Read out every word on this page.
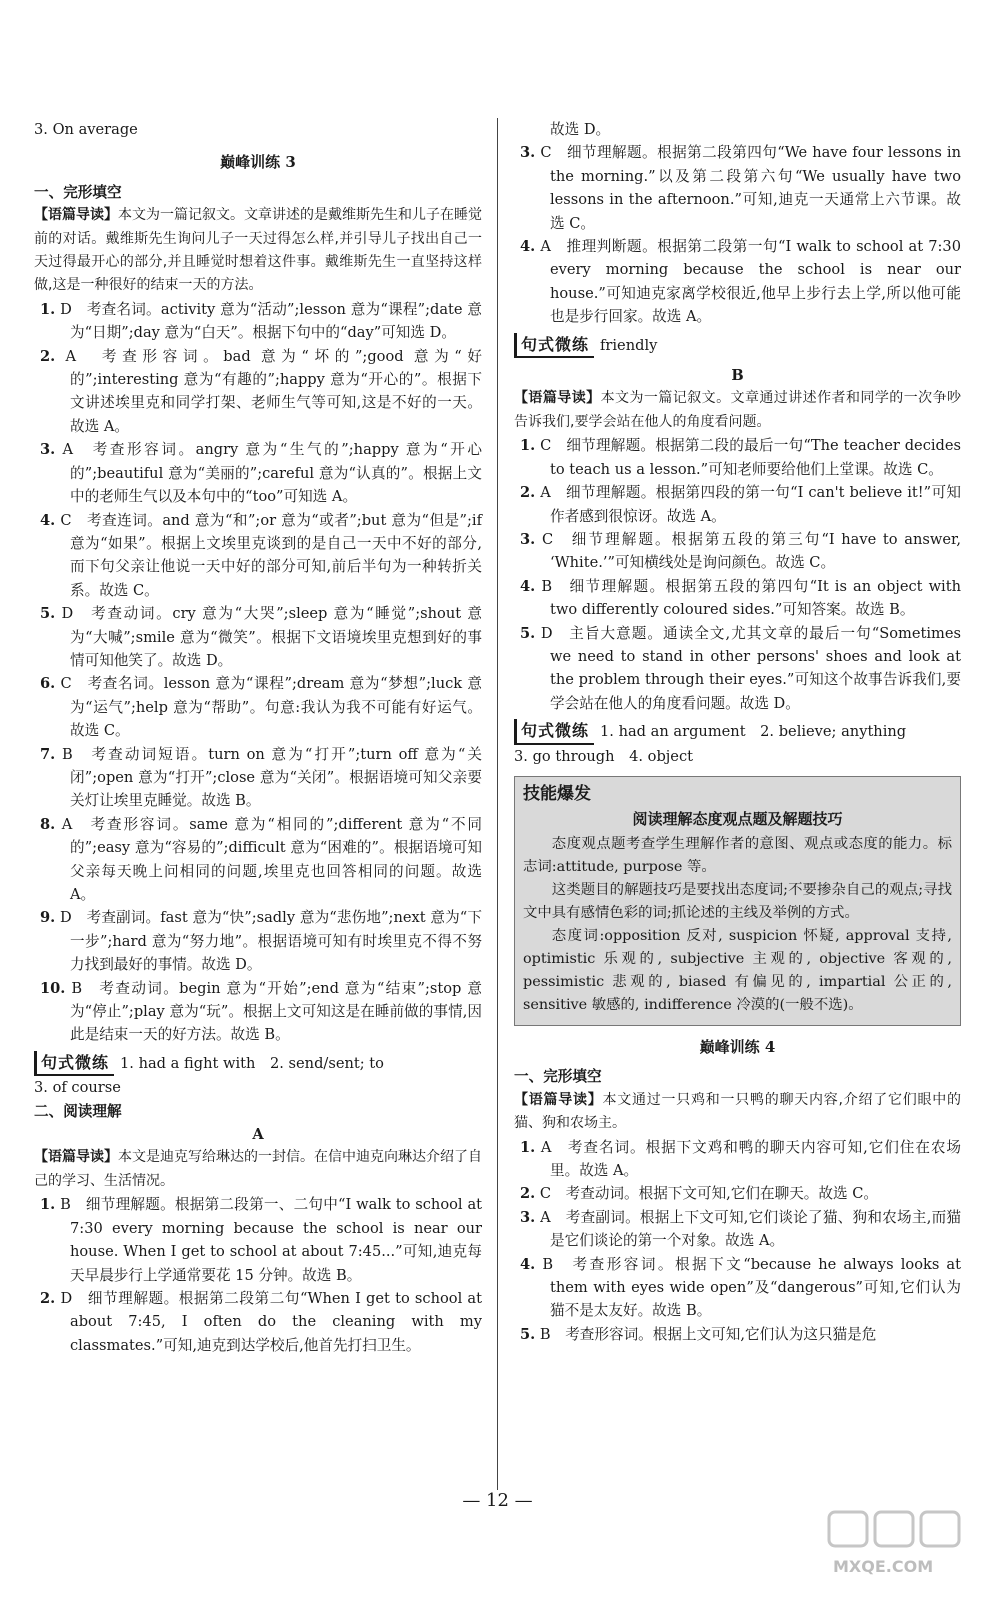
3. On average

巅峰训练 3

一、完形填空

【语篇导读】本文为一篇记叙文。文章讲述的是戴维斯先生和儿子在睡觉前的对话。戴维斯先生询问儿子一天过得怎么样,并引导儿子找出自己一天过得最开心的部分,并且睡觉时想着这件事。戴维斯先生一直坚持这样做,这是一种很好的结束一天的方法。

1. D　考查名词。activity 意为“活动”;lesson 意为“课程”;date 意为“日期”;day 意为“白天”。根据下句中的“day”可知选 D。

2. A　考查形容词。bad 意为“坏的”;good 意为“好的”;interesting 意为“有趣的”;happy 意为“开心的”。根据下文讲述埃里克和同学打架、老师生气等可知,这是不好的一天。故选 A。

3. A　考查形容词。angry 意为“生气的”;happy 意为“开心的”;beautiful 意为“美丽的”;careful 意为“认真的”。根据上文中的老师生气以及本句中的“too”可知选 A。

4. C　考查连词。and 意为“和”;or 意为“或者”;but 意为“但是”;if 意为“如果”。根据上文埃里克谈到的是自己一天中不好的部分,而下句父亲让他说一天中好的部分可知,前后半句为一种转折关系。故选 C。

5. D　考查动词。cry 意为“大哭”;sleep 意为“睡觉”;shout 意为“大喊”;smile 意为“微笑”。根据下文语境埃里克想到好的事情可知他笑了。故选 D。

6. C　考查名词。lesson 意为“课程”;dream 意为“梦想”;luck 意为“运气”;help 意为“帮助”。句意:我认为我不可能有好运气。故选 C。

7. B　考查动词短语。turn on 意为“打开”;turn off 意为“关闭”;open 意为“打开”;close 意为“关闭”。根据语境可知父亲要关灯让埃里克睡觉。故选 B。

8. A　考查形容词。same 意为“相同的”;different 意为“不同的”;easy 意为“容易的”;difficult 意为“困难的”。根据语境可知父亲每天晚上问相同的问题,埃里克也回答相同的问题。故选 A。

9. D　考查副词。fast 意为“快”;sadly 意为“悲伤地”;next 意为“下一步”;hard 意为“努力地”。根据语境可知有时埃里克不得不努力找到最好的事情。故选 D。

10. B　考查动词。begin 意为“开始”;end 意为“结束”;stop 意为“停止”;play 意为“玩”。根据上文可知这是在睡前做的事情,因此是结束一天的好方法。故选 B。

句式微练 1. had a fight with　2. send/sent; to

3. of course

二、阅读理解

A

【语篇导读】本文是迪克写给琳达的一封信。在信中迪克向琳达介绍了自己的学习、生活情况。

1. B　细节理解题。根据第二段第一、二句中“I walk to school at 7:30 every morning because the school is near our house. When I get to school at about 7:45...”可知,迪克每天早晨步行上学通常要花 15 分钟。故选 B。

2. D　细节理解题。根据第二段第二句“When I get to school at about 7:45, I often do the cleaning with my classmates.”可知,迪克到达学校后,他首先打扫卫生。

故选 D。

3. C　细节理解题。根据第二段第四句“We have four lessons in the morning.”以及第二段第六句“We usually have two lessons in the afternoon.”可知,迪克一天通常上六节课。故选 C。

4. A　推理判断题。根据第二段第一句“I walk to school at 7:30 every morning because the school is near our house.”可知迪克家离学校很近,他早上步行去上学,所以他可能也是步行回家。故选 A。

句式微练 friendly

B

【语篇导读】本文为一篇记叙文。文章通过讲述作者和同学的一次争吵告诉我们,要学会站在他人的角度看问题。

1. C　细节理解题。根据第二段的最后一句“The teacher decides to teach us a lesson.”可知老师要给他们上堂课。故选 C。

2. A　细节理解题。根据第四段的第一句“I can't believe it!”可知作者感到很惊讶。故选 A。

3. C　细节理解题。根据第五段的第三句“I have to answer, ‘White.’”可知横线处是询问颜色。故选 C。

4. B　细节理解题。根据第五段的第四句“It is an object with two differently coloured sides.”可知答案。故选 B。

5. D　主旨大意题。通读全文,尤其文章的最后一句“Sometimes we need to stand in other persons' shoes and look at the problem through their eyes.”可知这个故事告诉我们,要学会站在他人的角度看问题。故选 D。

句式微练 1. had an argument　2. believe; anything

3. go through　4. object

技能爆发

阅读理解态度观点题及解题技巧

态度观点题考查学生理解作者的意图、观点或态度的能力。标志词:attitude, purpose 等。

这类题目的解题技巧是要找出态度词;不要掺杂自己的观点;寻找文中具有感情色彩的词;抓论述的主线及举例的方式。

态度词:opposition 反对, suspicion 怀疑, approval 支持, optimistic 乐观的, subjective 主观的, objective 客观的, pessimistic 悲观的, biased 有偏见的, impartial 公正的, sensitive 敏感的, indifference 冷漠的(一般不选)。

巅峰训练 4

一、完形填空

【语篇导读】本文通过一只鸡和一只鸭的聊天内容,介绍了它们眼中的猫、狗和农场主。

1. A　考查名词。根据下文鸡和鸭的聊天内容可知,它们住在农场里。故选 A。

2. C　考查动词。根据下文可知,它们在聊天。故选 C。

3. A　考查副词。根据上下文可知,它们谈论了猫、狗和农场主,而猫是它们谈论的第一个对象。故选 A。

4. B　考查形容词。根据下文“because he always looks at them with eyes wide open”及“dangerous”可知,它们认为猫不是太友好。故选 B。

5. B　考查形容词。根据上文可知,它们认为这只猫是危

— 12 —
MXQE.COM
